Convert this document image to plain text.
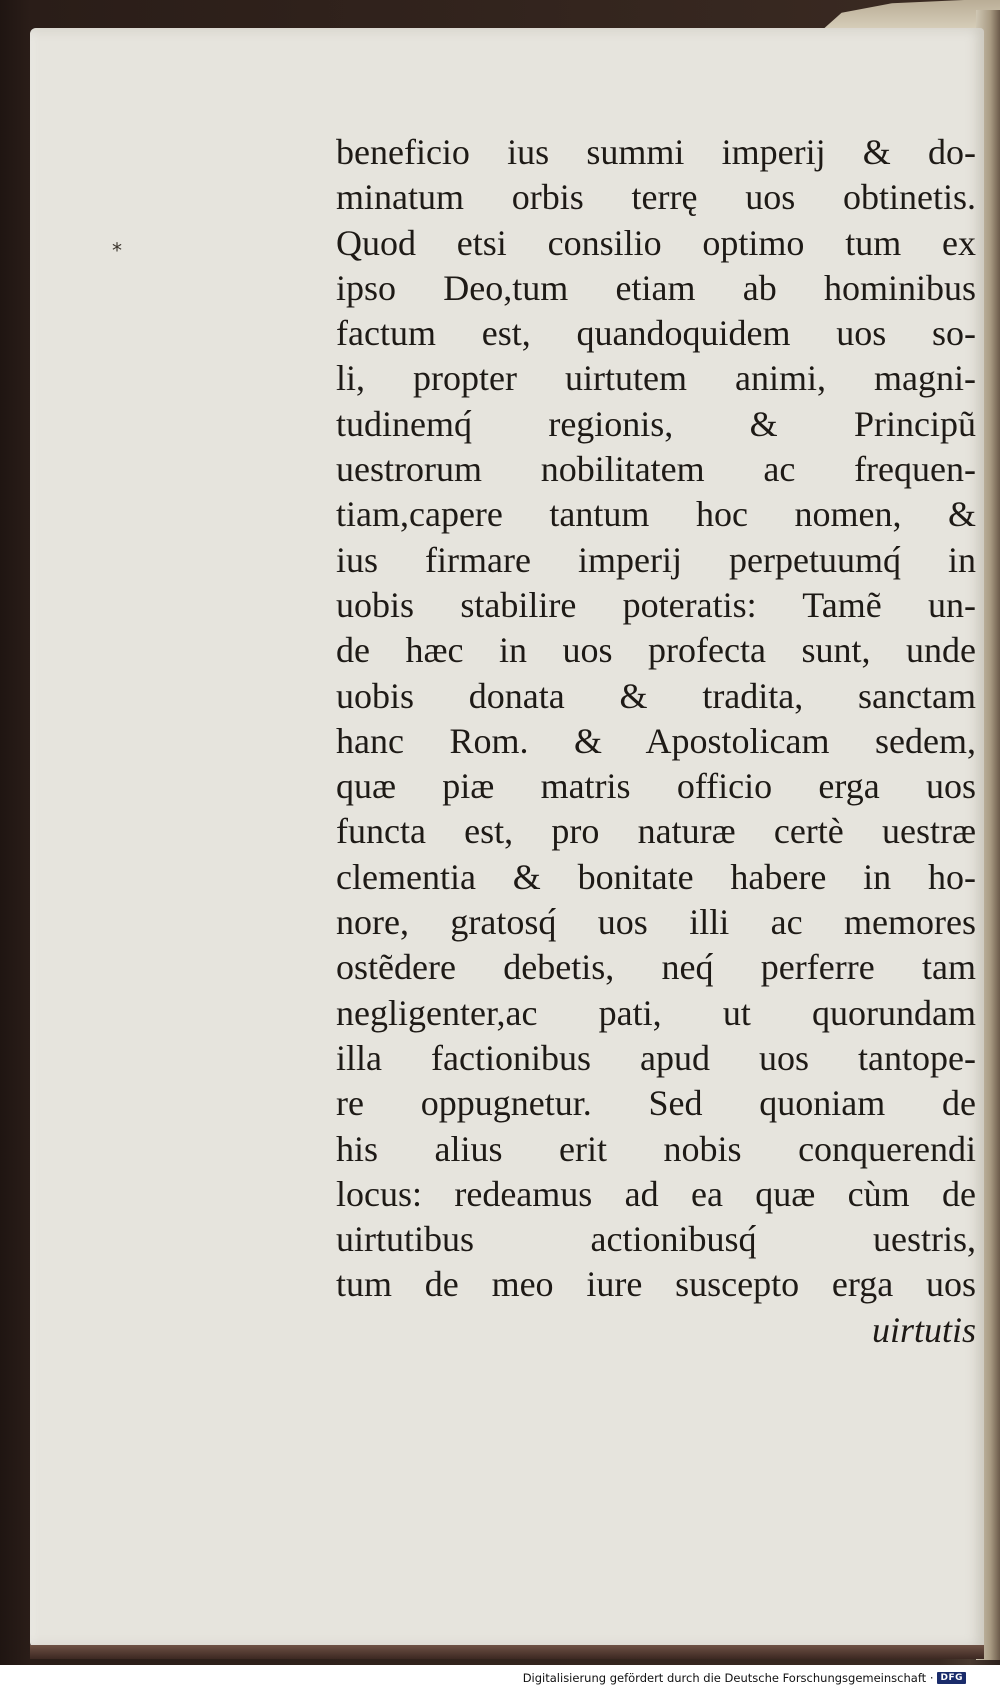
⁎
beneficio ius summi imperij & do-
minatum orbis terrę uos obtinetis.
Quod etsi consilio optimo tum ex
ipso Deo,tum etiam ab hominibus
factum est, quandoquidem uos so-
li, propter uirtutem animi, magni-
tudinemq́ regionis, & Principũ
uestrorum nobilitatem ac frequen-
tiam,capere tantum hoc nomen, &
ius firmare imperij perpetuumq́ in
uobis stabilire poteratis: Tamẽ un-
de hæc in uos profecta sunt, unde
uobis donata & tradita, sanctam
hanc Rom. & Apostolicam sedem,
quæ piæ matris officio erga uos
functa est, pro naturæ certè uestræ
clementia & bonitate habere in ho-
nore, gratosq́ uos illi ac memores
ostẽdere debetis, neq́ perferre tam
negligenter,ac pati, ut quorundam
illa factionibus apud uos tantope-
re oppugnetur. Sed quoniam de
his alius erit nobis conquerendi
locus: redeamus ad ea quæ cùm de
uirtutibus actionibusq́ uestris,
tum de meo iure suscepto erga uos
uirtutis
Digitalisierung gefördert durch die Deutsche Forschungsgemeinschaft · DFG
